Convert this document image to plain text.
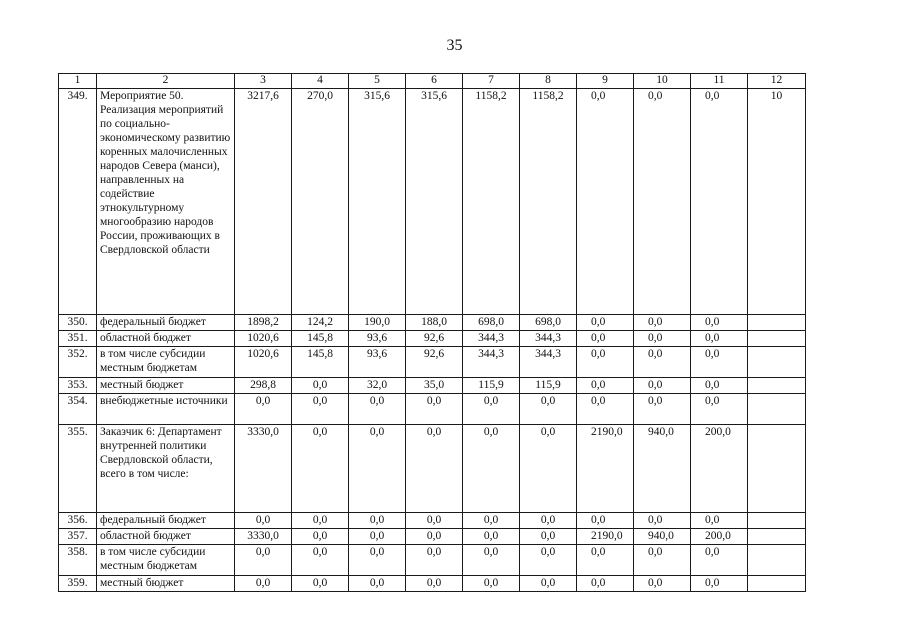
35
1	2	3	4	5	6	7	8	9	10	11	12
349.	Мероприятие 50. Реализация мероприятий по социально-экономическому развитию коренных малочисленных народов Севера (манси), направленных на содействие этнокультурному многообразию народов России, проживающих в Свердловской области	3217,6	270,0	315,6	315,6	1158,2	1158,2	0,0	0,0	0,0	10
350.	федеральный бюджет	1898,2	124,2	190,0	188,0	698,0	698,0	0,0	0,0	0,0	
351.	областной бюджет	1020,6	145,8	93,6	92,6	344,3	344,3	0,0	0,0	0,0	
352.	в том числе субсидии местным бюджетам	1020,6	145,8	93,6	92,6	344,3	344,3	0,0	0,0	0,0	
353.	местный бюджет	298,8	0,0	32,0	35,0	115,9	115,9	0,0	0,0	0,0	
354.	внебюджетные источники	0,0	0,0	0,0	0,0	0,0	0,0	0,0	0,0	0,0	
355.	Заказчик 6: Департамент внутренней политики Свердловской области, всего в том числе:	3330,0	0,0	0,0	0,0	0,0	0,0	2190,0	940,0	200,0	
356.	федеральный бюджет	0,0	0,0	0,0	0,0	0,0	0,0	0,0	0,0	0,0	
357.	областной бюджет	3330,0	0,0	0,0	0,0	0,0	0,0	2190,0	940,0	200,0	
358.	в том числе субсидии местным бюджетам	0,0	0,0	0,0	0,0	0,0	0,0	0,0	0,0	0,0	
359.	местный бюджет	0,0	0,0	0,0	0,0	0,0	0,0	0,0	0,0	0,0	
